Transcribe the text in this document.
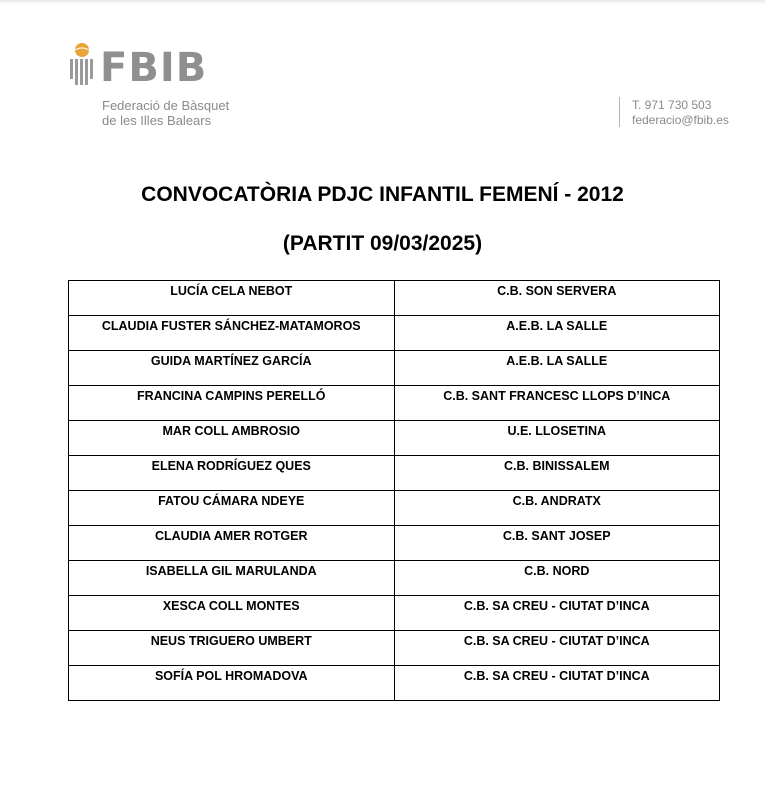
FBIB
Federació de Bàsquet
de les Illes Balears
T. 971 730 503
federacio@fbib.es
CONVOCATÒRIA PDJC INFANTIL FEMENÍ - 2012
(PARTIT 09/03/2025)
LUCÍA CELA NEBOT	C.B. SON SERVERA
CLAUDIA FUSTER SÁNCHEZ-MATAMOROS	A.E.B. LA SALLE
GUIDA MARTÍNEZ GARCÍA	A.E.B. LA SALLE
FRANCINA CAMPINS PERELLÓ	C.B. SANT FRANCESC LLOPS D’INCA
MAR COLL AMBROSIO	U.E. LLOSETINA
ELENA RODRÍGUEZ QUES	C.B. BINISSALEM
FATOU CÁMARA NDEYE	C.B. ANDRATX
CLAUDIA AMER ROTGER	C.B. SANT JOSEP
ISABELLA GIL MARULANDA	C.B. NORD
XESCA COLL MONTES	C.B. SA CREU - CIUTAT D’INCA
NEUS TRIGUERO UMBERT	C.B. SA CREU - CIUTAT D’INCA
SOFÍA POL HROMADOVA	C.B. SA CREU - CIUTAT D’INCA
